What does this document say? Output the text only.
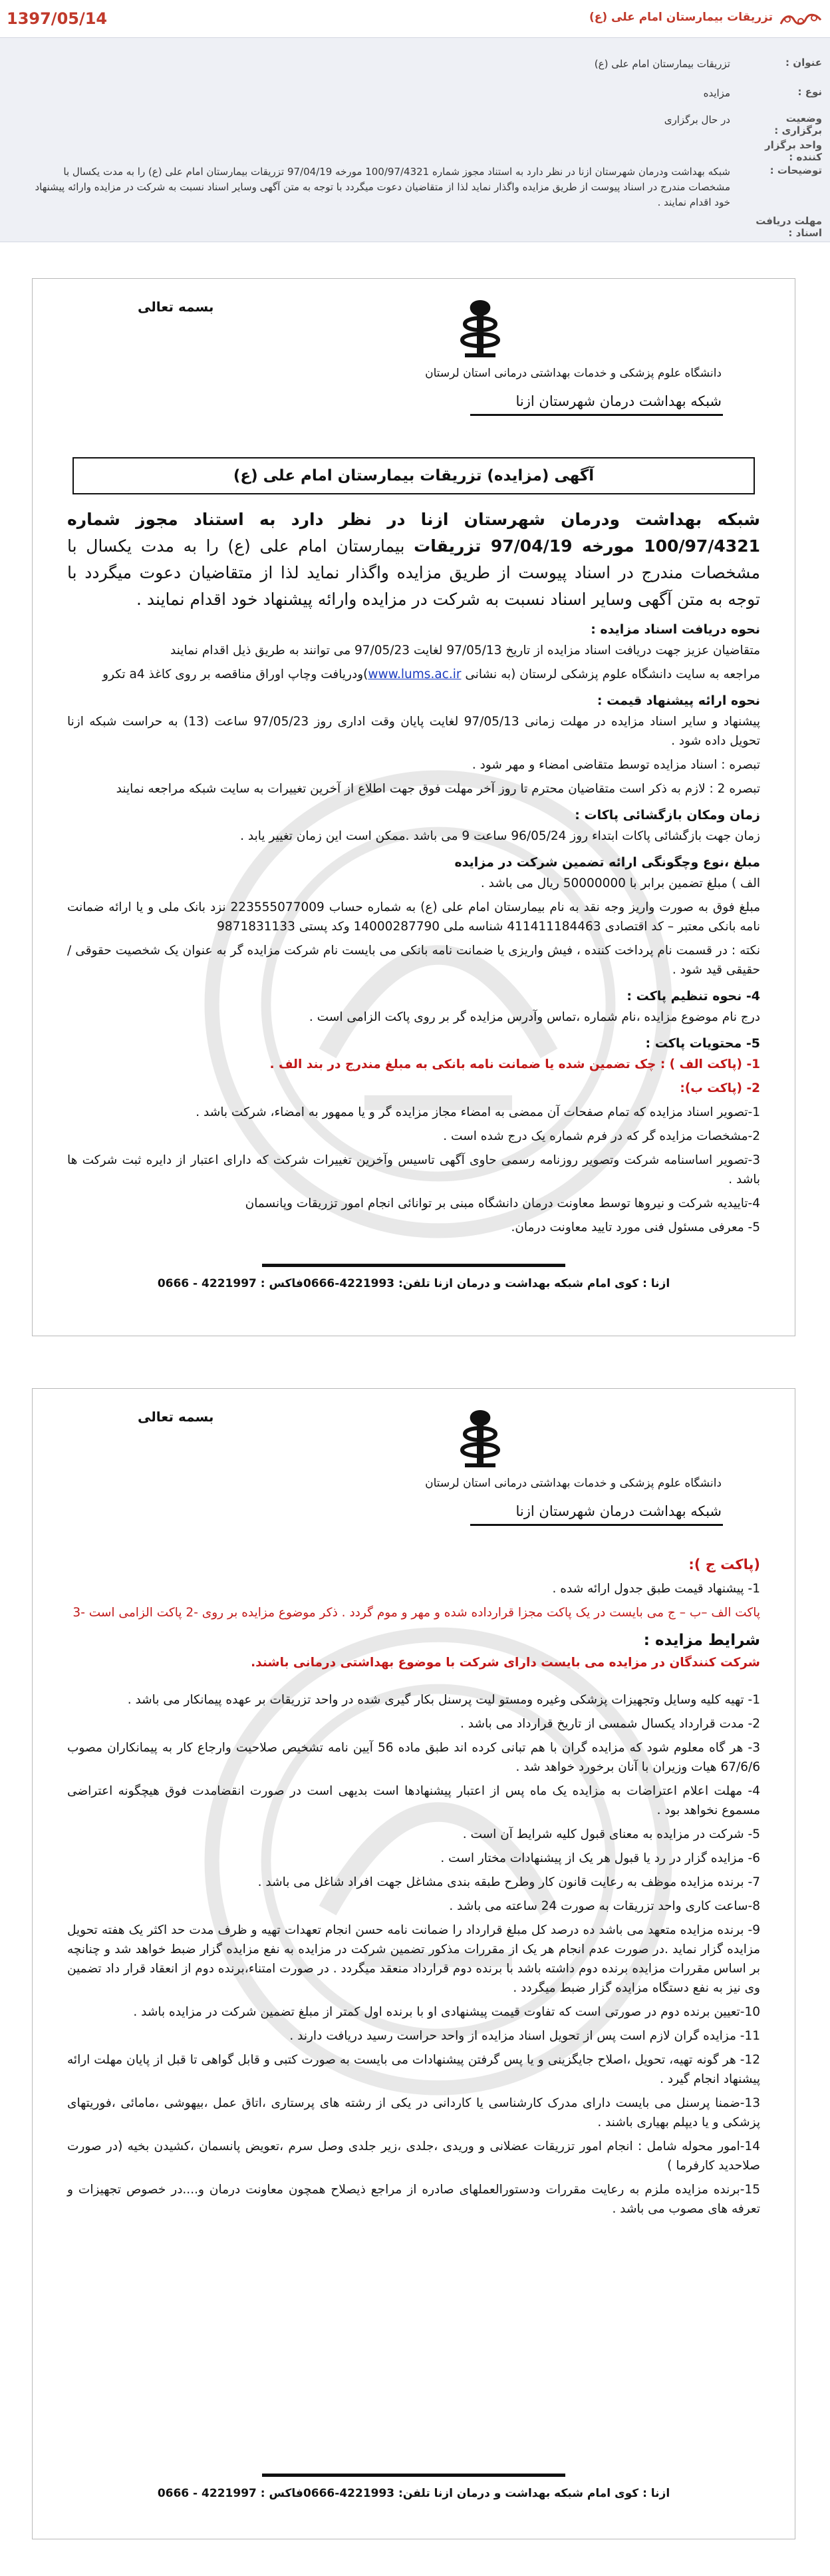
تزریقات بیمارستان امام علی (ع)
1397/05/14
عنوان :
تزریقات بیمارستان امام علی (ع)
نوع :
مزایده
وضعیت برگزاری :
در حال برگزاری
واحد برگزار کننده :
توضیحات :
شبکه بهداشت ودرمان شهرستان ازنا در نظر دارد به استناد مجوز شماره 100/97/4321 مورخه 97/04/19 تزریقات بیمارستان امام علی (ع) را به مدت یکسال با مشخصات مندرج در اسناد پیوست از طریق مزایده واگذار نماید لذا از متقاضیان دعوت میگردد با توجه به متن آگهی وسایر اسناد نسبت به شرکت در مزایده وارائه پیشنهاد خود اقدام نمایند .
مهلت دریافت اسناد :
بسمه تعالی
دانشگاه علوم پزشکی و خدمات بهداشتی درمانی استان لرستان
شبکه بهداشت درمان شهرستان ازنا
آگهی (مزایده) تزریقات بیمارستان امام علی (ع)

شبکه بهداشت ودرمان شهرستان ازنا در نظر دارد به استناد مجوز شماره 100/97/4321 مورخه 97/04/19 تزریقات بیمارستان امام علی (ع) را به مدت یکسال با مشخصات مندرج در اسناد پیوست از طریق مزایده واگذار نماید لذا از متقاضیان دعوت میگردد با توجه به متن آگهی وسایر اسناد نسبت به شرکت در مزایده وارائه پیشنهاد خود اقدام نمایند .

نحوه دریافت اسناد مزایده :

متقاضیان عزیز جهت دریافت اسناد مزایده از تاریخ 97/05/13 لغایت 97/05/23 می توانند به طریق ذیل اقدام نمایند

مراجعه به سایت دانشگاه علوم پزشکی لرستان (به نشانی www.lums.ac.ir)ودریافت وچاپ اوراق مناقصه بر روی کاغذ a4 تکرو

نحوه ارائه پیشنهاد قیمت :

پیشنهاد و سایر اسناد مزایده در مهلت زمانی 97/05/13 لغایت پایان وقت اداری روز 97/05/23 ساعت (13) به حراست شبکه ازنا تحویل داده شود .

تبصره : اسناد مزایده توسط متقاضی امضاء و مهر شود .

تبصره 2 : لازم به ذکر است متقاضیان محترم تا روز آخر مهلت فوق جهت اطلاع از آخرین تغییرات به سایت شبکه مراجعه نمایند

زمان ومکان بازگشائی پاکات :

زمان جهت بازگشائی پاکات ابتداء روز 96/05/24 ساعت 9 می باشد .ممکن است این زمان تغییر یابد .

مبلغ ،نوع وچگونگی ارائه تضمین شرکت در مزایده

الف ) مبلغ تضمین برابر با 50000000 ریال می باشد .

مبلغ فوق به صورت واریز وجه نقد به نام بیمارستان امام علی (ع) به شماره حساب 223555077009 نزد بانک ملی و یا ارائه ضمانت نامه بانکی معتبر – کد اقتصادی 411411184463 شناسه ملی 14000287790 وکد پستی 9871831133

نکته : در قسمت نام پرداخت کننده ، فیش واریزی یا ضمانت نامه بانکی می بایست نام شرکت مزایده گر به عنوان یک شخصیت حقوقی / حقیقی قید شود .

4- نحوه تنظیم پاکت :

درج نام موضوع مزایده ،نام شماره ،تماس وآدرس مزایده گر بر روی پاکت الزامی است .

5- محتویات پاکت :

1- (پاکت الف ) : چک تضمین شده یا ضمانت نامه بانکی به مبلغ مندرج در بند الف .

2- (پاکت ب):

1-تصویر اسناد مزایده که تمام صفحات آن ممضی به امضاء مجاز مزایده گر و یا ممهور به امضاء، شرکت باشد .

2-مشخصات مزایده گر که در فرم شماره یک درج شده است .

3-تصویر اساسنامه شرکت وتصویر روزنامه رسمی حاوی آگهی تاسیس وآخرین تغییرات شرکت که دارای اعتبار از دایره ثبت شرکت ها باشد .

4-تاییدیه شرکت و نیروها توسط معاونت درمان دانشگاه مبنی بر توانائی انجام امور تزریقات وپانسمان

5- معرفی مسئول فنی مورد تایید معاونت درمان.

ازنا : کوی امام شبکه بهداشت و درمان ازنا تلفن: 4221993-0666فاکس : 4221997 - 0666
بسمه تعالی
دانشگاه علوم پزشکی و خدمات بهداشتی درمانی استان لرستان
شبکه بهداشت درمان شهرستان ازنا

(پاکت ج ):

1- پیشنهاد قیمت طبق جدول ارائه شده .

پاکت الف –ب – ج می بایست در یک پاکت مجزا قرارداده شده و مهر و موم گردد . ذکر موضوع مزایده بر روی -2 پاکت الزامی است -3

شرایط مزایده :

شرکت کنندگان در مزایده می بایست دارای شرکت با موضوع بهداشتی درمانی باشند.

1- تهیه کلیه وسایل وتجهیزات پزشکی وغیره ومستو لیت پرسنل بکار گیری شده در واحد تزریقات بر عهده پیمانکار می باشد .

2- مدت قرارداد یکسال شمسی از تاریخ قرارداد می باشد .

3- هر گاه معلوم شود که مزایده گران با هم تبانی کرده اند طبق ماده 56 آیین نامه تشخیص صلاحیت وارجاع کار به پیمانکاران مصوب 67/6/6 هیات وزیران با آنان برخورد خواهد شد .

4- مهلت اعلام اعتراضات به مزایده یک ماه پس از اعتبار پیشنهادها است بدیهی است در صورت انقضامدت فوق هیچگونه اعتراضی مسموع نخواهد بود .

5- شرکت در مزایده به معنای قبول کلیه شرایط آن است .

6- مزایده گزار در رد یا قبول هر یک از پیشنهادات مختار است .

7- برنده مزایده موظف به رعایت قانون کار وطرح طبقه بندی مشاغل جهت افراد شاغل می باشد .

8-ساعت کاری واحد تزریقات به صورت 24 ساعته می باشد .

9- برنده مزایده متعهد می باشد ده درصد کل مبلغ قرارداد را ضمانت نامه حسن انجام تعهدات تهیه و ظرف مدت حد اکثر یک هفته تحویل مزایده گزار نماید .در صورت عدم انجام هر یک از مقررات مذکور تضمین شرکت در مزایده به نفع مزایده گزار ضبط خواهد شد و چنانچه بر اساس مقررات مزایده برنده دوم داشته باشد با برنده دوم قرارداد منعقد میگردد . در صورت امتناء،برنده دوم از انعقاد قرار داد تضمین وی نیز به نفع دستگاه مزایده گزار ضبط میگردد .

10-تعیین برنده دوم در صورتی است که تفاوت قیمت پیشنهادی او با برنده اول کمتر از مبلغ تضمین شرکت در مزایده باشد .

11- مزایده گران لازم است پس از تحویل اسناد مزایده از واحد حراست رسید دریافت دارند .

12- هر گونه تهیه، تحویل ،اصلاح جایگزینی و یا پس گرفتن پیشنهادات می بایست به صورت کتبی و قابل گواهی تا قبل از پایان مهلت ارائه پیشنهاد انجام گیرد .

13-ضمنا پرسنل می بایست دارای مدرک کارشناسی یا کاردانی در یکی از رشته های پرستاری ،اتاق عمل ،بیهوشی ،مامائی ،فوریتهای پزشکی و یا دیپلم بهیاری باشند .

14-امور محوله شامل : انجام امور تزریقات عضلانی و وریدی ،جلدی ،زیر جلدی وصل سرم ،تعویض پانسمان ،کشیدن بخیه (در صورت صلاحدید کارفرما )

15-برنده مزایده ملزم به رعایت مقررات ودستورالعملهای صادره از مراجع ذیصلاح همچون معاونت درمان و....در خصوص تجهیزات و تعرفه های مصوب می باشد .

ازنا : کوی امام شبکه بهداشت و درمان ازنا تلفن: 4221993-0666فاکس : 4221997 - 0666
